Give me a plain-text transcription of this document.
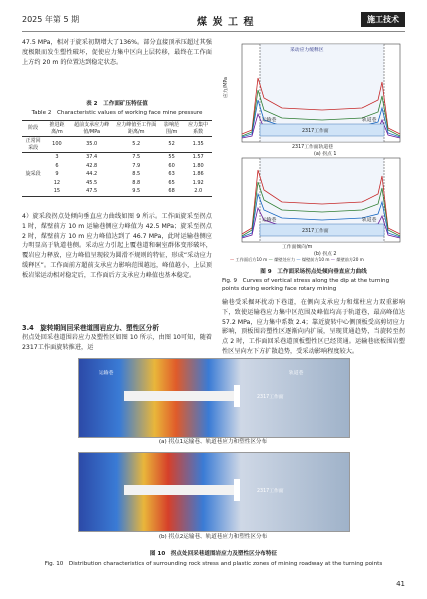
2025 年第 5 期	煤 炭 工 程	施工技术
47.5 MPa，相对于旋采初期增大了136%。部分直接顶承压超过其强度极限而发生塑性破坏，促使应力集中区向上层转移，最终在工作面上方约 20 m 的位置达到稳定状态。
表 2　工作面矿压特征值
Table 2　Characteristic values of working face mine pressure
阶段	推进距离/m	超前支承应力峰值/MPa	应力峰值至工作面距离/m	影响范围/m	应力集中系数
正常回采段	100	35.0	5.2	52	1.35
旋采段	3	37.4	7.5	55	1.57
	6	42.8	7.9	60	1.80
	9	44.2	8.5	63	1.86
	12	45.5	8.8	65	1.92
	15	47.5	9.5	68	2.0
4）旋采段拐点处倾向垂直应力曲线如图 9 所示。工作面旋采至拐点 1 时，煤壁前方 10 m 运输巷侧应力峰值为 42.5 MPa；旋采至拐点 2 时，煤壁前方 10 m 应力峰值达到了 46.7 MPa，此时运输巷侧应力明显高于轨道巷侧。采动应力引起上覆巷道和硐室群体变形破坏，覆岩应力释放，应力峰值呈现较为圆滑不规则的特征，形成“采动应力缓释区”。工作面前方超前支承应力影响范围越远，峰值越小，上层顶板岩梁运动相对稳定后，工作面后方支承应力峰值也基本稳定。
3.4　旋转期间回采巷道围岩应力、塑性区分析
拐点处回采巷道围岩应力及塑性区如图 10 所示，由图 10可知，随着 2317工作面旋转推进，运
采动应力缓释区
运输巷	轨道巷
2317工作面
2317工作面轨道巷
(a) 拐点 1
运输巷	轨道巷
2317工作面
工作面倾向/m
(b) 拐点 2
应力/MPa
— 工作面后方10 m — 煤壁处应力 — 煤壁前方10 m — 煤壁前方20 m
图 9　工作面采场拐点处倾向垂直应力曲线
Fig. 9　Curves of vertical stress along the dip at the turning points during working face rotary mining
输巷受采掘环扰动下巷道，在侧向支承应力和煤柱应力双重影响下，致使运输巷应力集中区范围及峰值均高于轨道巷，最高峰值达 57.2 MPa，应力集中系数 2.4；靠近旋转中心侧顶板受高剪切应力影响，顶板围岩塑性区逐渐向内扩展，呈现贯通趋势，当旋转至拐点 2 时，工作面回采巷道顶板塑性区已经贯通。运输巷底板围岩塑性区呈向左下方扩散趋势，受采动影响程度较大。
2317工作面
运输巷	轨道巷
(a) 拐点1运输巷、轨道巷应力和塑性区分布
2317工作面
(b) 拐点2运输巷、轨道巷应力和塑性区分布
图 10　拐点处回采巷道围岩应力及塑性区分布特征
Fig. 10　Distribution characteristics of surrounding rock stress and plastic zones of mining roadway at the turning points
41
